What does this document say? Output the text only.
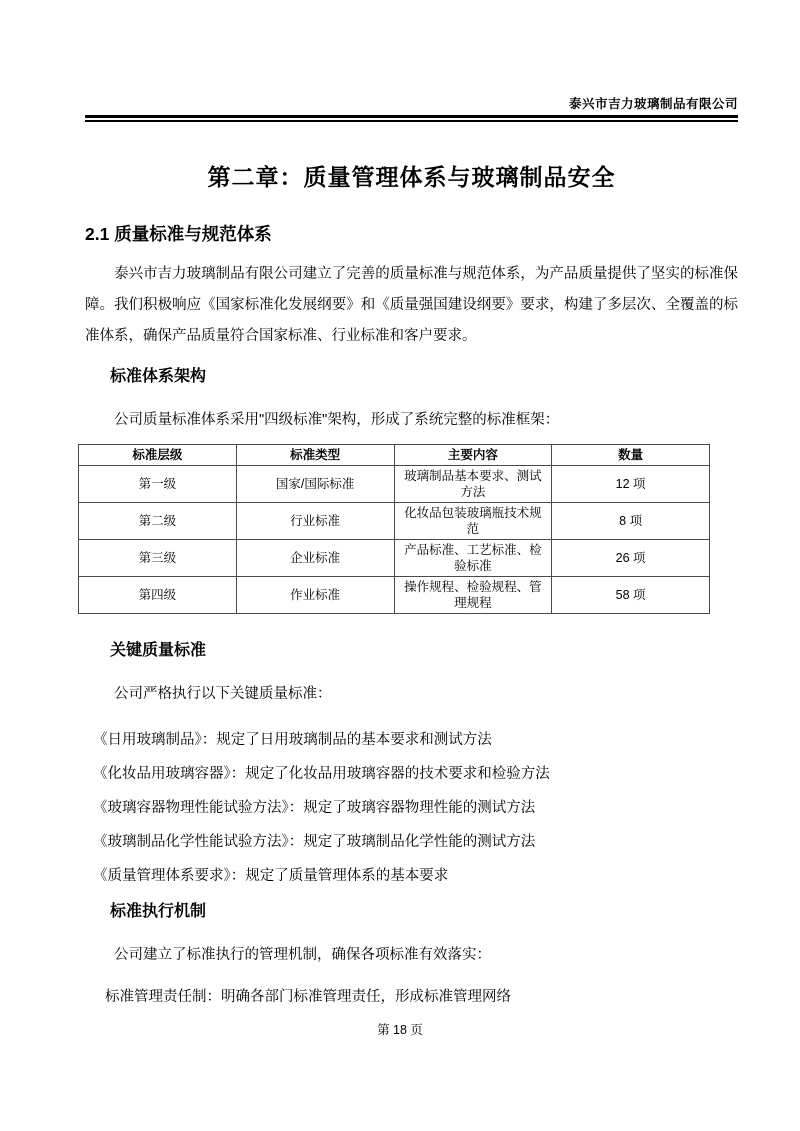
泰兴市吉力玻璃制品有限公司
第二章：质量管理体系与玻璃制品安全
2.1 质量标准与规范体系

泰兴市吉力玻璃制品有限公司建立了完善的质量标准与规范体系，为产品质量提供了坚实的标准保障。我们积极响应《国家标准化发展纲要》和《质量强国建设纲要》要求，构建了多层次、全覆盖的标准体系，确保产品质量符合国家标准、行业标准和客户要求。

标准体系架构

公司质量标准体系采用"四级标准"架构，形成了系统完整的标准框架：

标准层级	标准类型	主要内容	数量
第一级	国家/国际标准	玻璃制品基本要求、测试方法	12 项
第二级	行业标准	化妆品包装玻璃瓶技术规范	8 项
第三级	企业标准	产品标准、工艺标准、检验标准	26 项
第四级	作业标准	操作规程、检验规程、管理规程	58 项
关键质量标准

公司严格执行以下关键质量标准：

《日用玻璃制品》：规定了日用玻璃制品的基本要求和测试方法
《化妆品用玻璃容器》：规定了化妆品用玻璃容器的技术要求和检验方法
《玻璃容器物理性能试验方法》：规定了玻璃容器物理性能的测试方法
《玻璃制品化学性能试验方法》：规定了玻璃制品化学性能的测试方法
《质量管理体系要求》：规定了质量管理体系的基本要求
标准执行机制

公司建立了标准执行的管理机制，确保各项标准有效落实：

标准管理责任制：明确各部门标准管理责任，形成标准管理网络

第 18 页
